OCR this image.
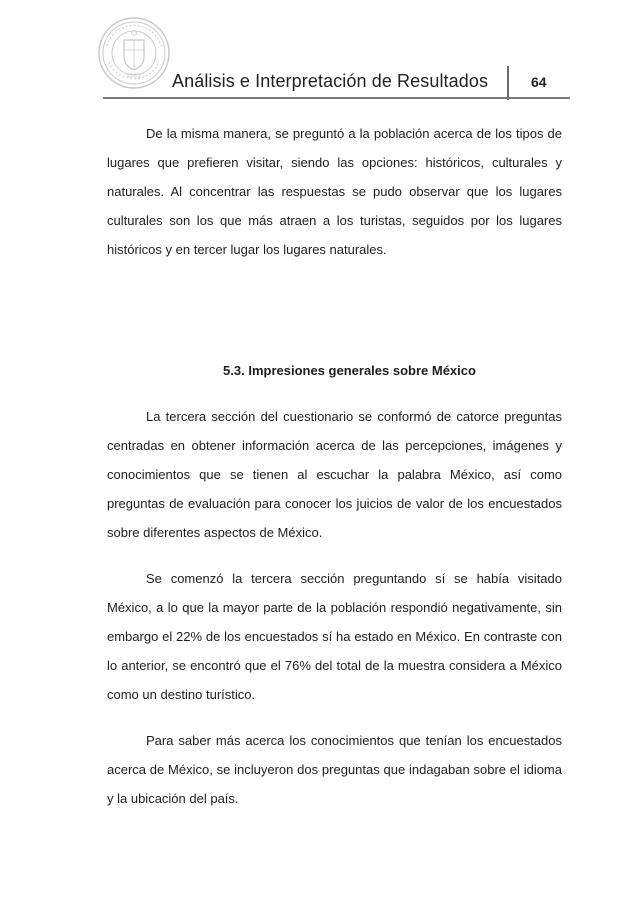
Análisis e Interpretación de Resultados	64

De la misma manera, se preguntó a la población acerca de los tipos de lugares que prefieren visitar, siendo las opciones: históricos, culturales y naturales. Al concentrar las respuestas se pudo observar que los lugares culturales son los que más atraen a los turistas, seguidos por los lugares históricos y en tercer lugar los lugares naturales.

5.3. Impresiones generales sobre México

La tercera sección del cuestionario se conformó de catorce preguntas centradas en obtener información acerca de las percepciones, imágenes y conocimientos que se tienen al escuchar la palabra México, así como preguntas de evaluación para conocer los juicios de valor de los encuestados sobre diferentes aspectos de México.

Se comenzó la tercera sección preguntando sí se había visitado México, a lo que la mayor parte de la población respondió negativamente, sin embargo el 22% de los encuestados sí ha estado en México. En contraste con lo anterior, se encontró que el 76% del total de la muestra considera a México como un destino turístico.

Para saber más acerca los conocimientos que tenían los encuestados acerca de México, se incluyeron dos preguntas que indagaban sobre el idioma y la ubicación del país.
